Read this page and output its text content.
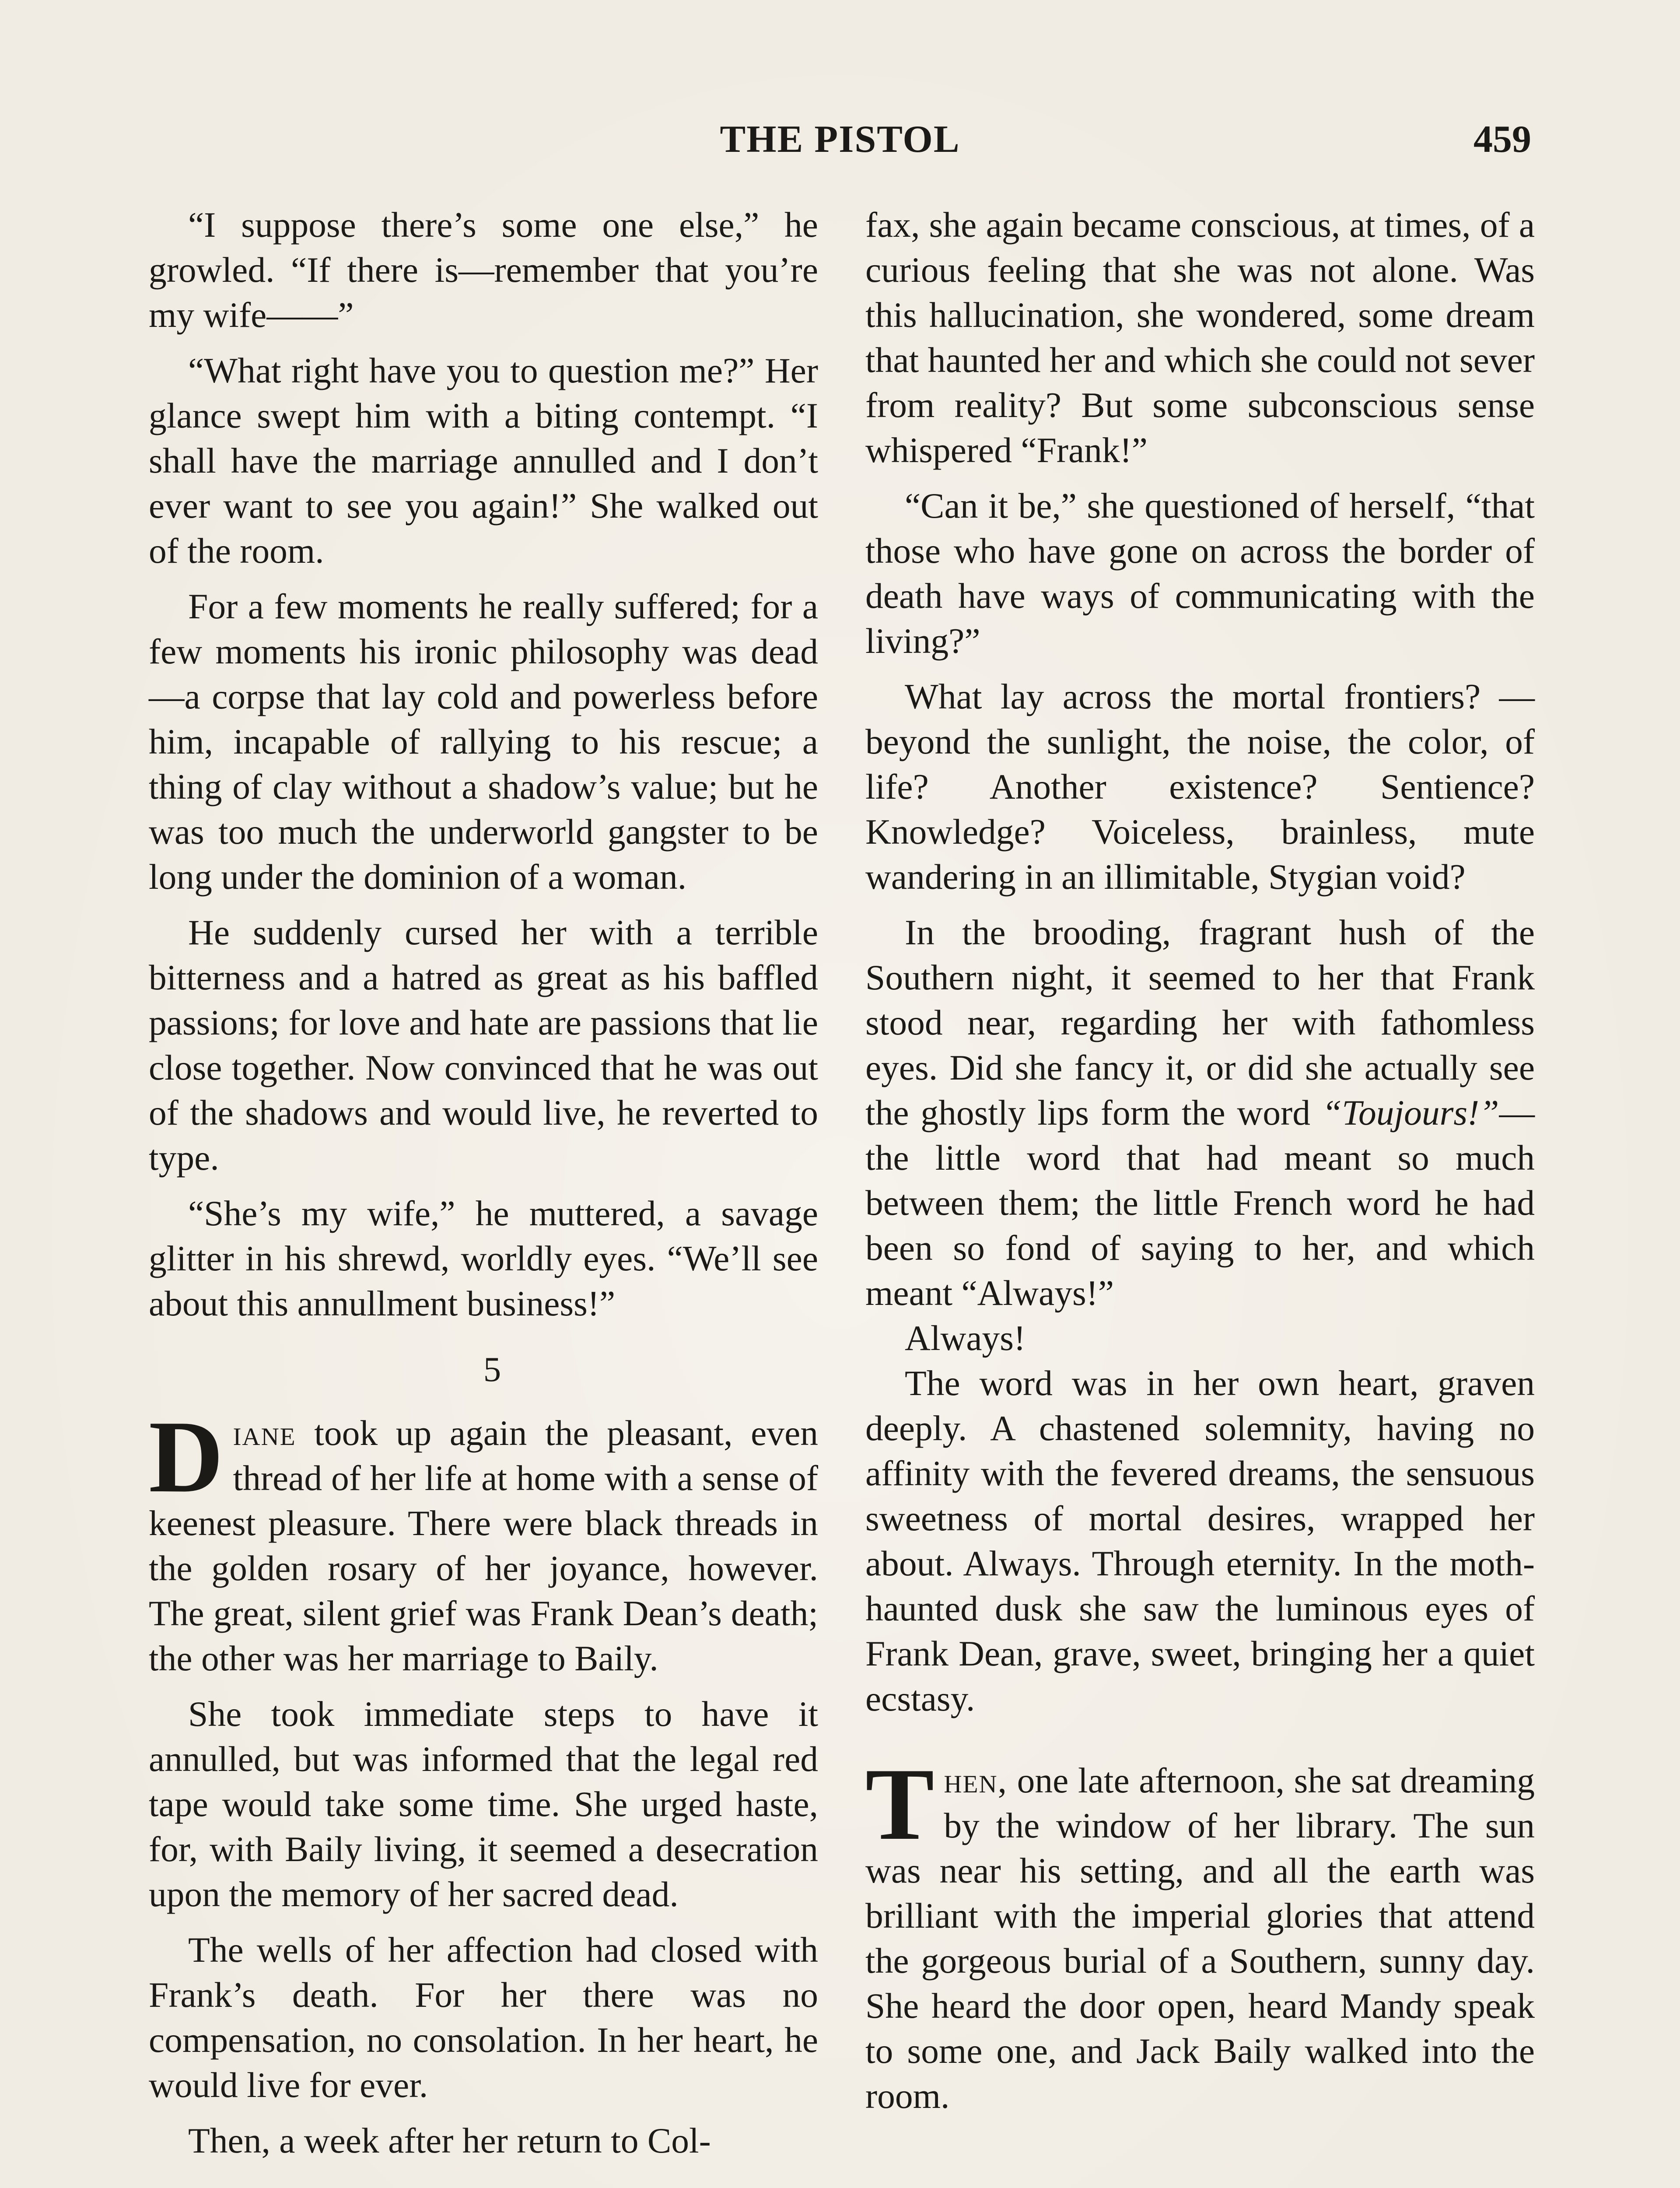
THE PISTOL	459

“I suppose there’s some one else,” he growled. “If there is—remember that you’re my wife——”

“What right have you to question me?” Her glance swept him with a biting contempt. “I shall have the marriage annulled and I don’t ever want to see you again!” She walked out of the room.

For a few moments he really suffered; for a few moments his ironic philosophy was dead—a corpse that lay cold and powerless before him, incapable of rallying to his rescue; a thing of clay without a shadow’s value; but he was too much the underworld gangster to be long under the dominion of a woman.

He suddenly cursed her with a terrible bitterness and a hatred as great as his baffled passions; for love and hate are passions that lie close together. Now convinced that he was out of the shadows and would live, he reverted to type.

“She’s my wife,” he muttered, a savage glitter in his shrewd, worldly eyes. “We’ll see about this annullment business!”

5

Diane took up again the pleasant, even thread of her life at home with a sense of keenest pleasure. There were black threads in the golden rosary of her joyance, however. The great, silent grief was Frank Dean’s death; the other was her marriage to Baily.

She took immediate steps to have it annulled, but was informed that the legal red tape would take some time. She urged haste, for, with Baily living, it seemed a desecration upon the memory of her sacred dead.

The wells of her affection had closed with Frank’s death. For her there was no compensation, no consolation. In her heart, he would live for ever.

Then, a week after her return to Col-

fax, she again became conscious, at times, of a curious feeling that she was not alone. Was this hallucination, she wondered, some dream that haunted her and which she could not sever from reality? But some subconscious sense whispered “Frank!”

“Can it be,” she questioned of herself, “that those who have gone on across the border of death have ways of communicating with the living?”

What lay across the mortal frontiers? —beyond the sunlight, the noise, the color, of life? Another existence? Sentience? Knowledge? Voiceless, brainless, mute wandering in an illimitable, Stygian void?

In the brooding, fragrant hush of the Southern night, it seemed to her that Frank stood near, regarding her with fathomless eyes. Did she fancy it, or did she actually see the ghostly lips form the word “Toujours!”—the little word that had meant so much between them; the little French word he had been so fond of saying to her, and which meant “Always!”

Always!

The word was in her own heart, graven deeply. A chastened solemnity, having no affinity with the fevered dreams, the sensuous sweetness of mortal desires, wrapped her about. Always. Through eternity. In the moth-haunted dusk she saw the luminous eyes of Frank Dean, grave, sweet, bringing her a quiet ecstasy.

Then, one late afternoon, she sat dreaming by the window of her library. The sun was near his setting, and all the earth was brilliant with the imperial glories that attend the gorgeous burial of a Southern, sunny day. She heard the door open, heard Mandy speak to some one, and Jack Baily walked into the room.
